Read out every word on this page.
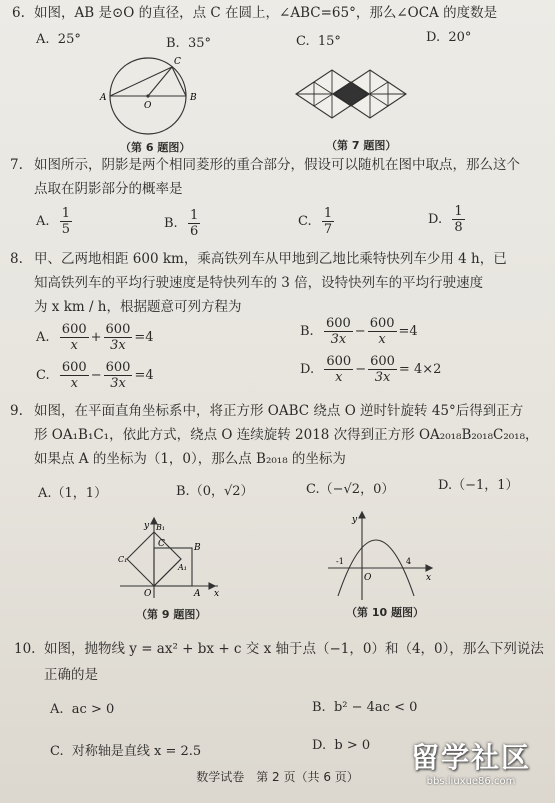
6. 如图，AB 是⊙O 的直径，点 C 在圆上，∠ABC=65°，那么∠OCA 的度数是
A. 25°	B. 35°	C. 15°	D. 20°
A	B
C
O
（第 6 题图）	（第 7 题图）
7. 如图所示，阴影是两个相同菱形的重合部分，假设可以随机在图中取点，那么这个
点取在阴影部分的概率是
A. $\frac{1}{5}$	B. $\frac{1}{6}$	C. $\frac{1}{7}$	D. $\frac{1}{8}$
8. 甲、乙两地相距 600 km，乘高铁列车从甲地到乙地比乘特快列车少用 4 h，已
知高铁列车的平均行驶速度是特快列车的 3 倍，设特快列车的平均行驶速度
为 x km / h，根据题意可列方程为
A. $\frac{600}{x} + \frac{600}{3x} =4$	B. $\frac{600}{3x} - \frac{600}{x} =4$
C. $\frac{600}{x} - \frac{600}{3x} =4$	D. $\frac{600}{x} - \frac{600}{3x} = 4\times 2$
9. 如图，在平面直角坐标系中，将正方形 OABC 绕点 O 逆时针旋转 45°后得到正方
形 OA₁B₁C₁，依此方式，绕点 O 连续旋转 2018 次得到正方形 OA₂₀₁₈B₂₀₁₈C₂₀₁₈，
如果点 A 的坐标为（1，0），那么点 B₂₀₁₈ 的坐标为
A.（1，1）	B.（0，√2）	C.（−√2，0）	D.（−1，1）
y
x
O	A
B
C
A₁
B₁
C₁
（第 9 题图）
y
x
O
-1	4
（第 10 题图）
10. 如图，抛物线 y = ax² + bx + c 交 x 轴于点（−1，0）和（4，0），那么下列说法
正确的是
A. ac > 0	B. b² − 4ac < 0
C. 对称轴是直线 x = 2.5	D. b > 0
数学试卷　第 2 页（共 6 页）
留学社区
bbs.liuxue86.com
